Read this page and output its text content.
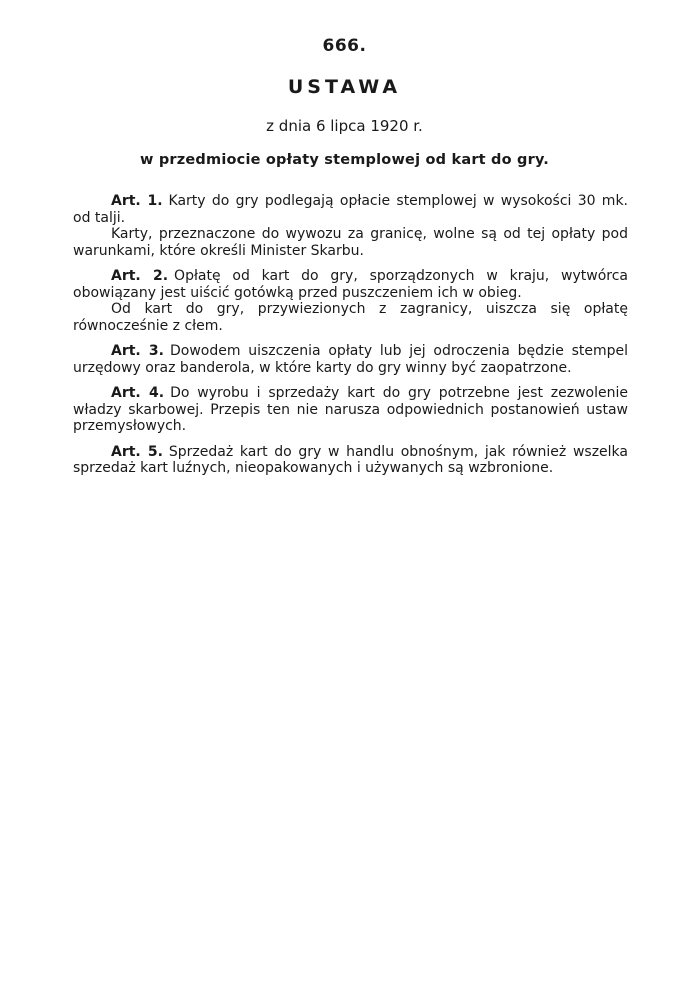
666.
USTAWA
z dnia 6 lipca 1920 r.
w przedmiocie opłaty stemplowej od kart do gry.

Art. 1. Karty do gry podlegają opłacie stemplowej w wysokości 30 mk. od talji.

Karty, przeznaczone do wywozu za granicę, wolne są od tej opłaty pod warunkami, które określi Minister Skarbu.

Art. 2. Opłatę od kart do gry, sporządzonych w kraju, wytwórca obowiązany jest uiścić gotówką przed puszczeniem ich w obieg.

Od kart do gry, przywiezionych z zagranicy, uiszcza się opłatę równocześnie z cłem.

Art. 3. Dowodem uiszczenia opłaty lub jej odroczenia będzie stempel urzędowy oraz banderola, w które karty do gry winny być zaopatrzone.

Art. 4. Do wyrobu i sprzedaży kart do gry potrzebne jest zezwolenie władzy skarbowej. Przepis ten nie narusza odpowiednich postanowień ustaw przemysłowych.

Art. 5. Sprzedaż kart do gry w handlu obnośnym, jak również wszelka sprzedaż kart luźnych, nieopakowanych i używanych są wzbronione.
